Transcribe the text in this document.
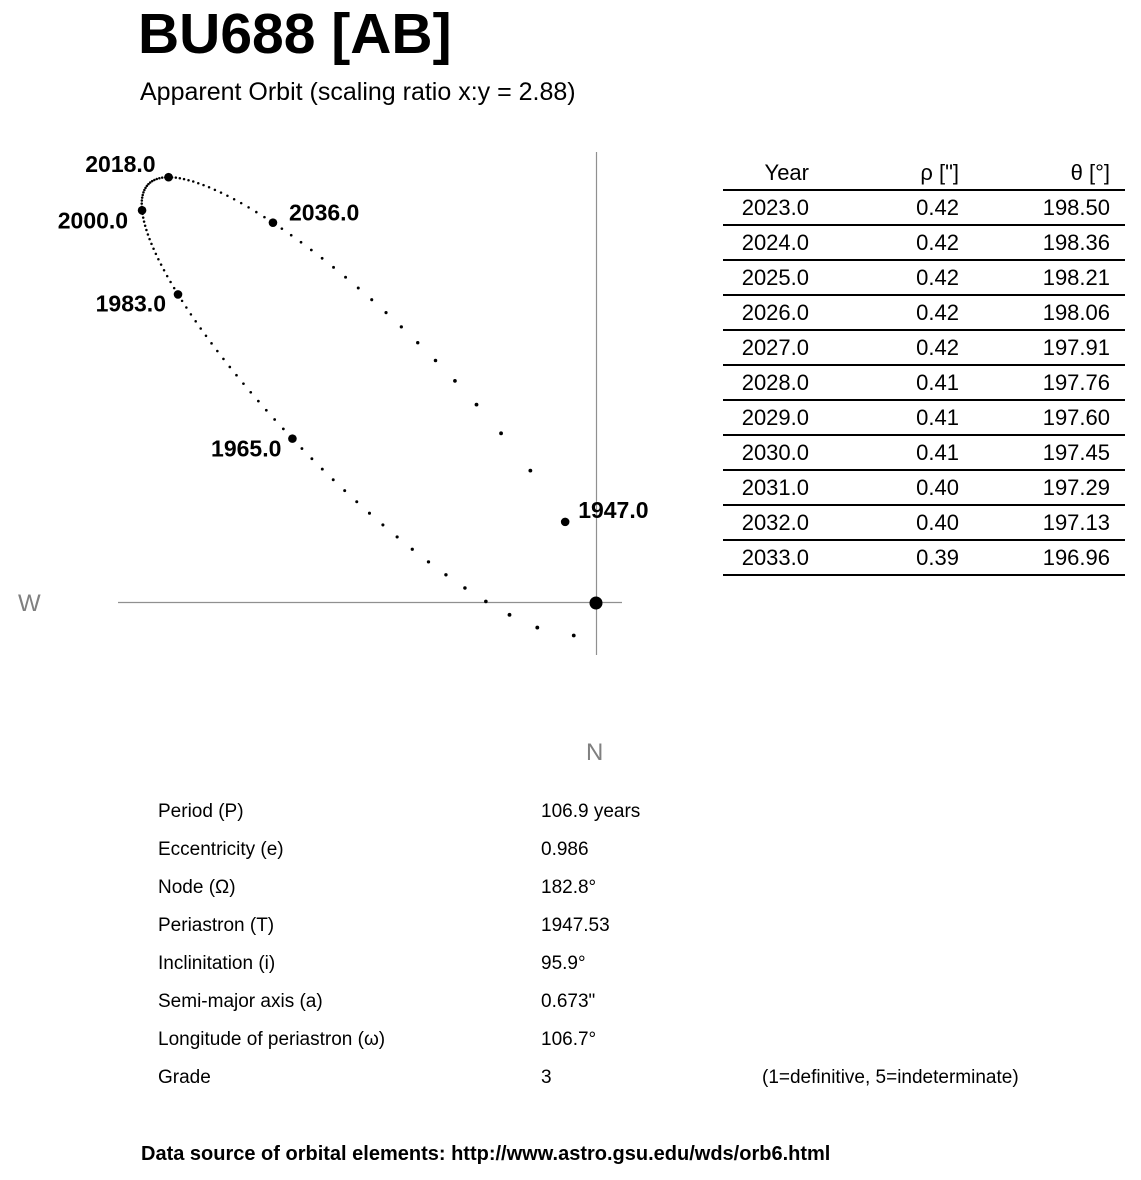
BU688 [AB]
Apparent Orbit (scaling ratio x:y = 2.88)
W
N
1947.0
1965.0
1983.0
2000.0
2018.0
2036.0
Year	ρ ["]	θ [°]
2023.0	0.42	198.50
2024.0	0.42	198.36
2025.0	0.42	198.21
2026.0	0.42	198.06
2027.0	0.42	197.91
2028.0	0.41	197.76
2029.0	0.41	197.60
2030.0	0.41	197.45
2031.0	0.40	197.29
2032.0	0.40	197.13
2033.0	0.39	196.96
Period (P)	106.9 years
Eccentricity (e)	0.986
Node (Ω)	182.8°
Periastron (T)	1947.53
Inclinitation (i)	95.9°
Semi-major axis (a)	0.673"
Longitude of periastron (ω)	106.7°
Grade	3	(1=definitive, 5=indeterminate)
Data source of orbital elements: http://www.astro.gsu.edu/wds/orb6.html
